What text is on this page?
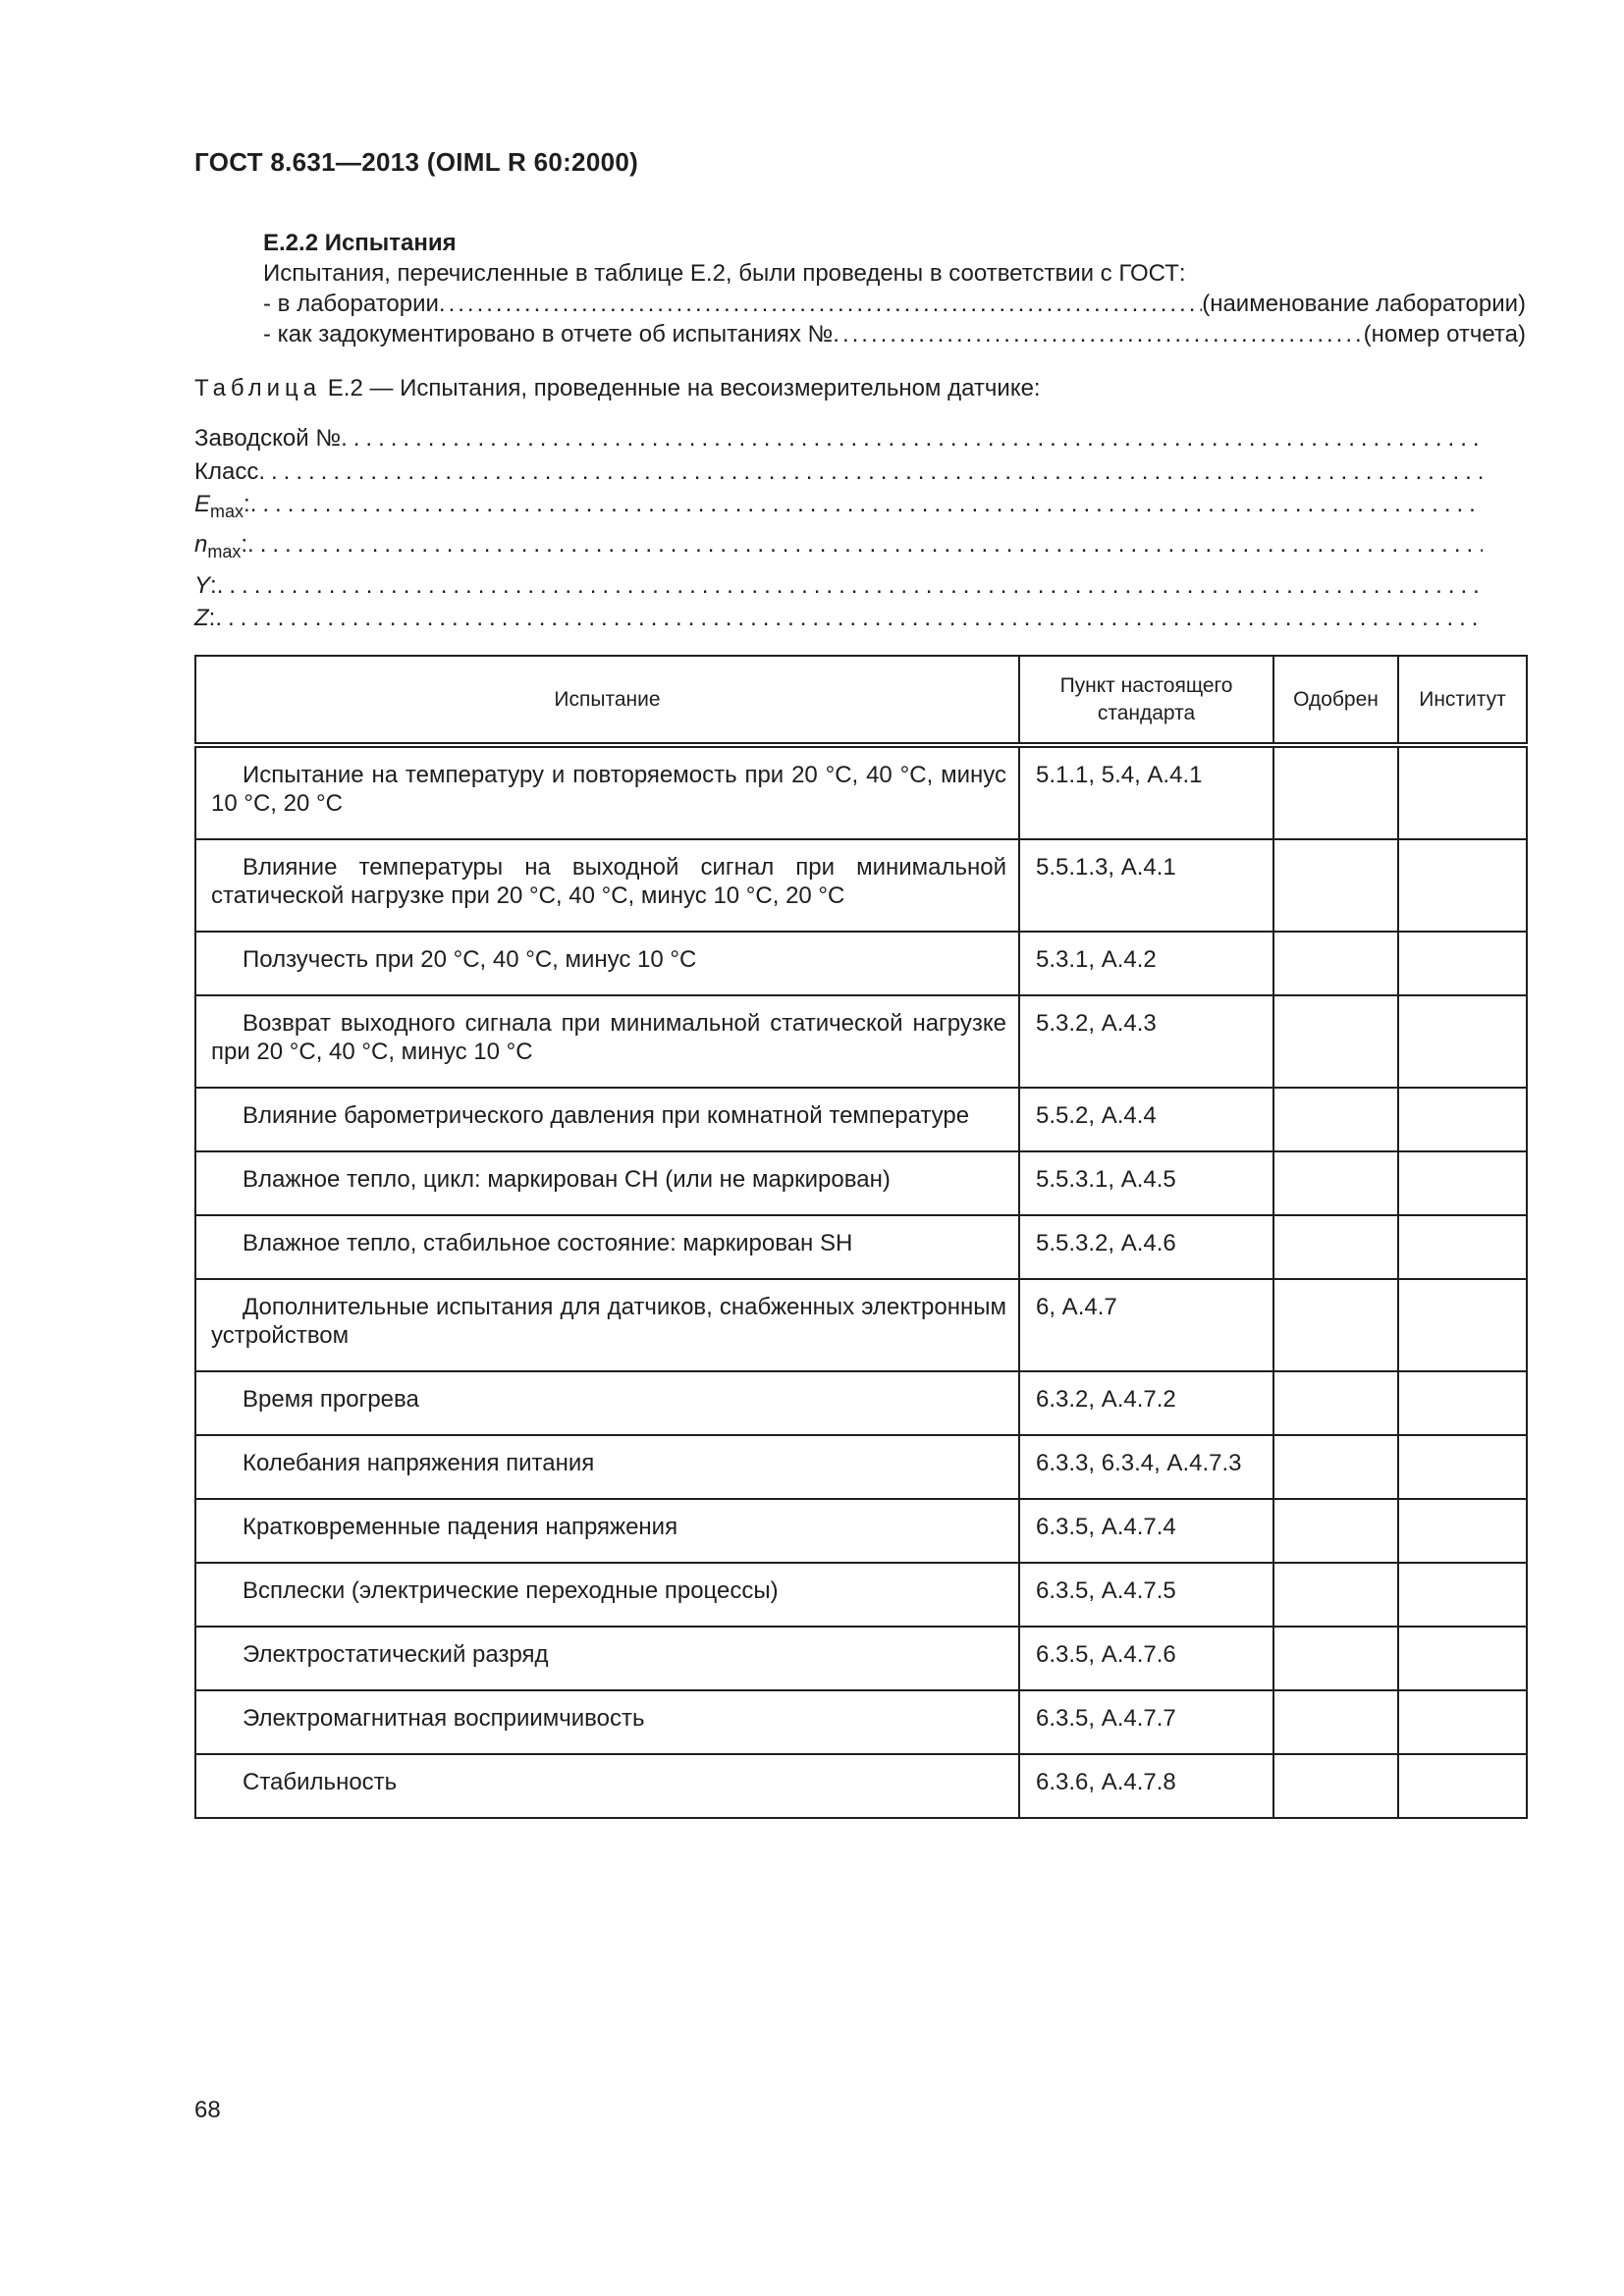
ГОСТ 8.631—2013 (OIML R 60:2000)
Е.2.2 Испытания
Испытания, перечисленные в таблице Е.2, были проведены в соответствии с ГОСТ:
- в лаборатории .....	(наименование лаборатории)
- как задокументировано в отчете об испытаниях № .....	(номер отчета)
Таблица Е.2 — Испытания, проведенные на весоизмерительном датчике:
Заводской №
.....
Класс
.....
$E_{max}$:
.....
$n_{max}$:
.....
Y:
.....
Z:
.....
Испытание	Пункт настоящего стандарта	Одобрен	Институт
Испытание на температуру и повторяемость при 20 °С, 40 °С, минус 10 °С, 20 °С	5.1.1, 5.4, А.4.1		
Влияние температуры на выходной сигнал при минимальной статической нагрузке при 20 °С, 40 °С, минус 10 °С, 20 °С	5.5.1.3, А.4.1		
Ползучесть при 20 °С, 40 °С, минус 10 °С	5.3.1, А.4.2		
Возврат выходного сигнала при минимальной статической нагрузке при 20 °С, 40 °С, минус 10 °С	5.3.2, А.4.3		
Влияние барометрического давления при комнатной температуре	5.5.2, А.4.4		
Влажное тепло, цикл: маркирован СН (или не маркирован)	5.5.3.1, А.4.5		
Влажное тепло, стабильное состояние: маркирован SH	5.5.3.2, А.4.6		
Дополнительные испытания для датчиков, снабженных электронным устройством	6, А.4.7		
Время прогрева	6.3.2, А.4.7.2		
Колебания напряжения питания	6.3.3, 6.3.4, А.4.7.3		
Кратковременные падения напряжения	6.3.5, А.4.7.4		
Всплески (электрические переходные процессы)	6.3.5, А.4.7.5		
Электростатический разряд	6.3.5, А.4.7.6		
Электромагнитная восприимчивость	6.3.5, А.4.7.7		
Стабильность	6.3.6, А.4.7.8		
68
